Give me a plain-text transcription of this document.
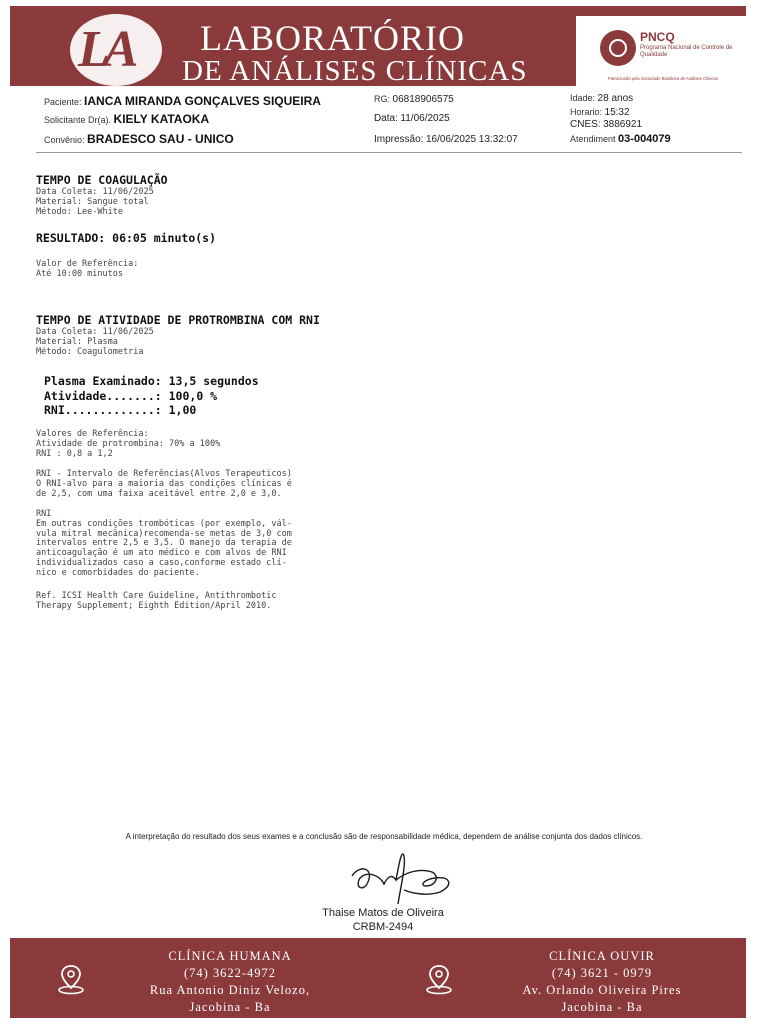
LA	LABORATÓRIO
DE ANÁLISES CLÍNICAS
PNCQ
Programa Nacional de Controle de Qualidade
Patrocinado pela Sociedade Brasileira de Análises Clínicas
Paciente: IANCA MIRANDA GONÇALVES SIQUEIRA
Solicitante Dr(a). KIELY KATAOKA
Convênio: BRADESCO SAU - UNICO
RG: 06818906575
Data: 11/06/2025
Impressão: 16/06/2025 13:32:07
Idade: 28 anos
Horario: 15:32
CNES: 3886921
Atendiment 03-004079
TEMPO DE COAGULAÇÃO
Data Coleta: 11/06/2025
Material: Sangue total
Método: Lee-White
RESULTADO: 06:05 minuto(s)
Valor de Referência:
Até 10:00 minutos
TEMPO DE ATIVIDADE DE PROTROMBINA COM RNI
Data Coleta: 11/06/2025
Material: Plasma
Método: Coagulometria
Plasma Examinado: 13,5 segundos
Atividade.......: 100,0 %
RNI.............: 1,00
Valores de Referência:
Atividade de protrombina: 70% a 100%
RNI : 0,8 a 1,2
RNI - Intervalo de Referências(Alvos Terapeuticos)
O RNI-alvo para a maioria das condições clínicas é
de 2,5, com uma faixa aceitável entre 2,0 e 3,0.
RNI
Em outras condições trombóticas (por exemplo, vál-
vula mitral mecânica)recomenda-se metas de 3,0 com
intervalos entre 2,5 e 3,5. O manejo da terapia de
anticoagulação é um ato médico e com alvos de RNI
individualizados caso a caso,conforme estado clí-
nico e comorbidades do paciente.
Ref. ICSI Health Care Guideline, Antithrombotic
Therapy Supplement; Eighth Edition/April 2010.
A interpretação do resultado dos seus exames e a conclusão são de responsabilidade médica, dependem de análise conjunta dos dados clínicos.
Thaise Matos de Oliveira
CRBM-2494
CLÍNICA HUMANA
(74) 3622-4972
Rua Antonio Diniz Velozo,
Jacobina - Ba
CLÍNICA OUVIR
(74) 3621 - 0979
Av. Orlando Oliveira Pires
Jacobina - Ba
